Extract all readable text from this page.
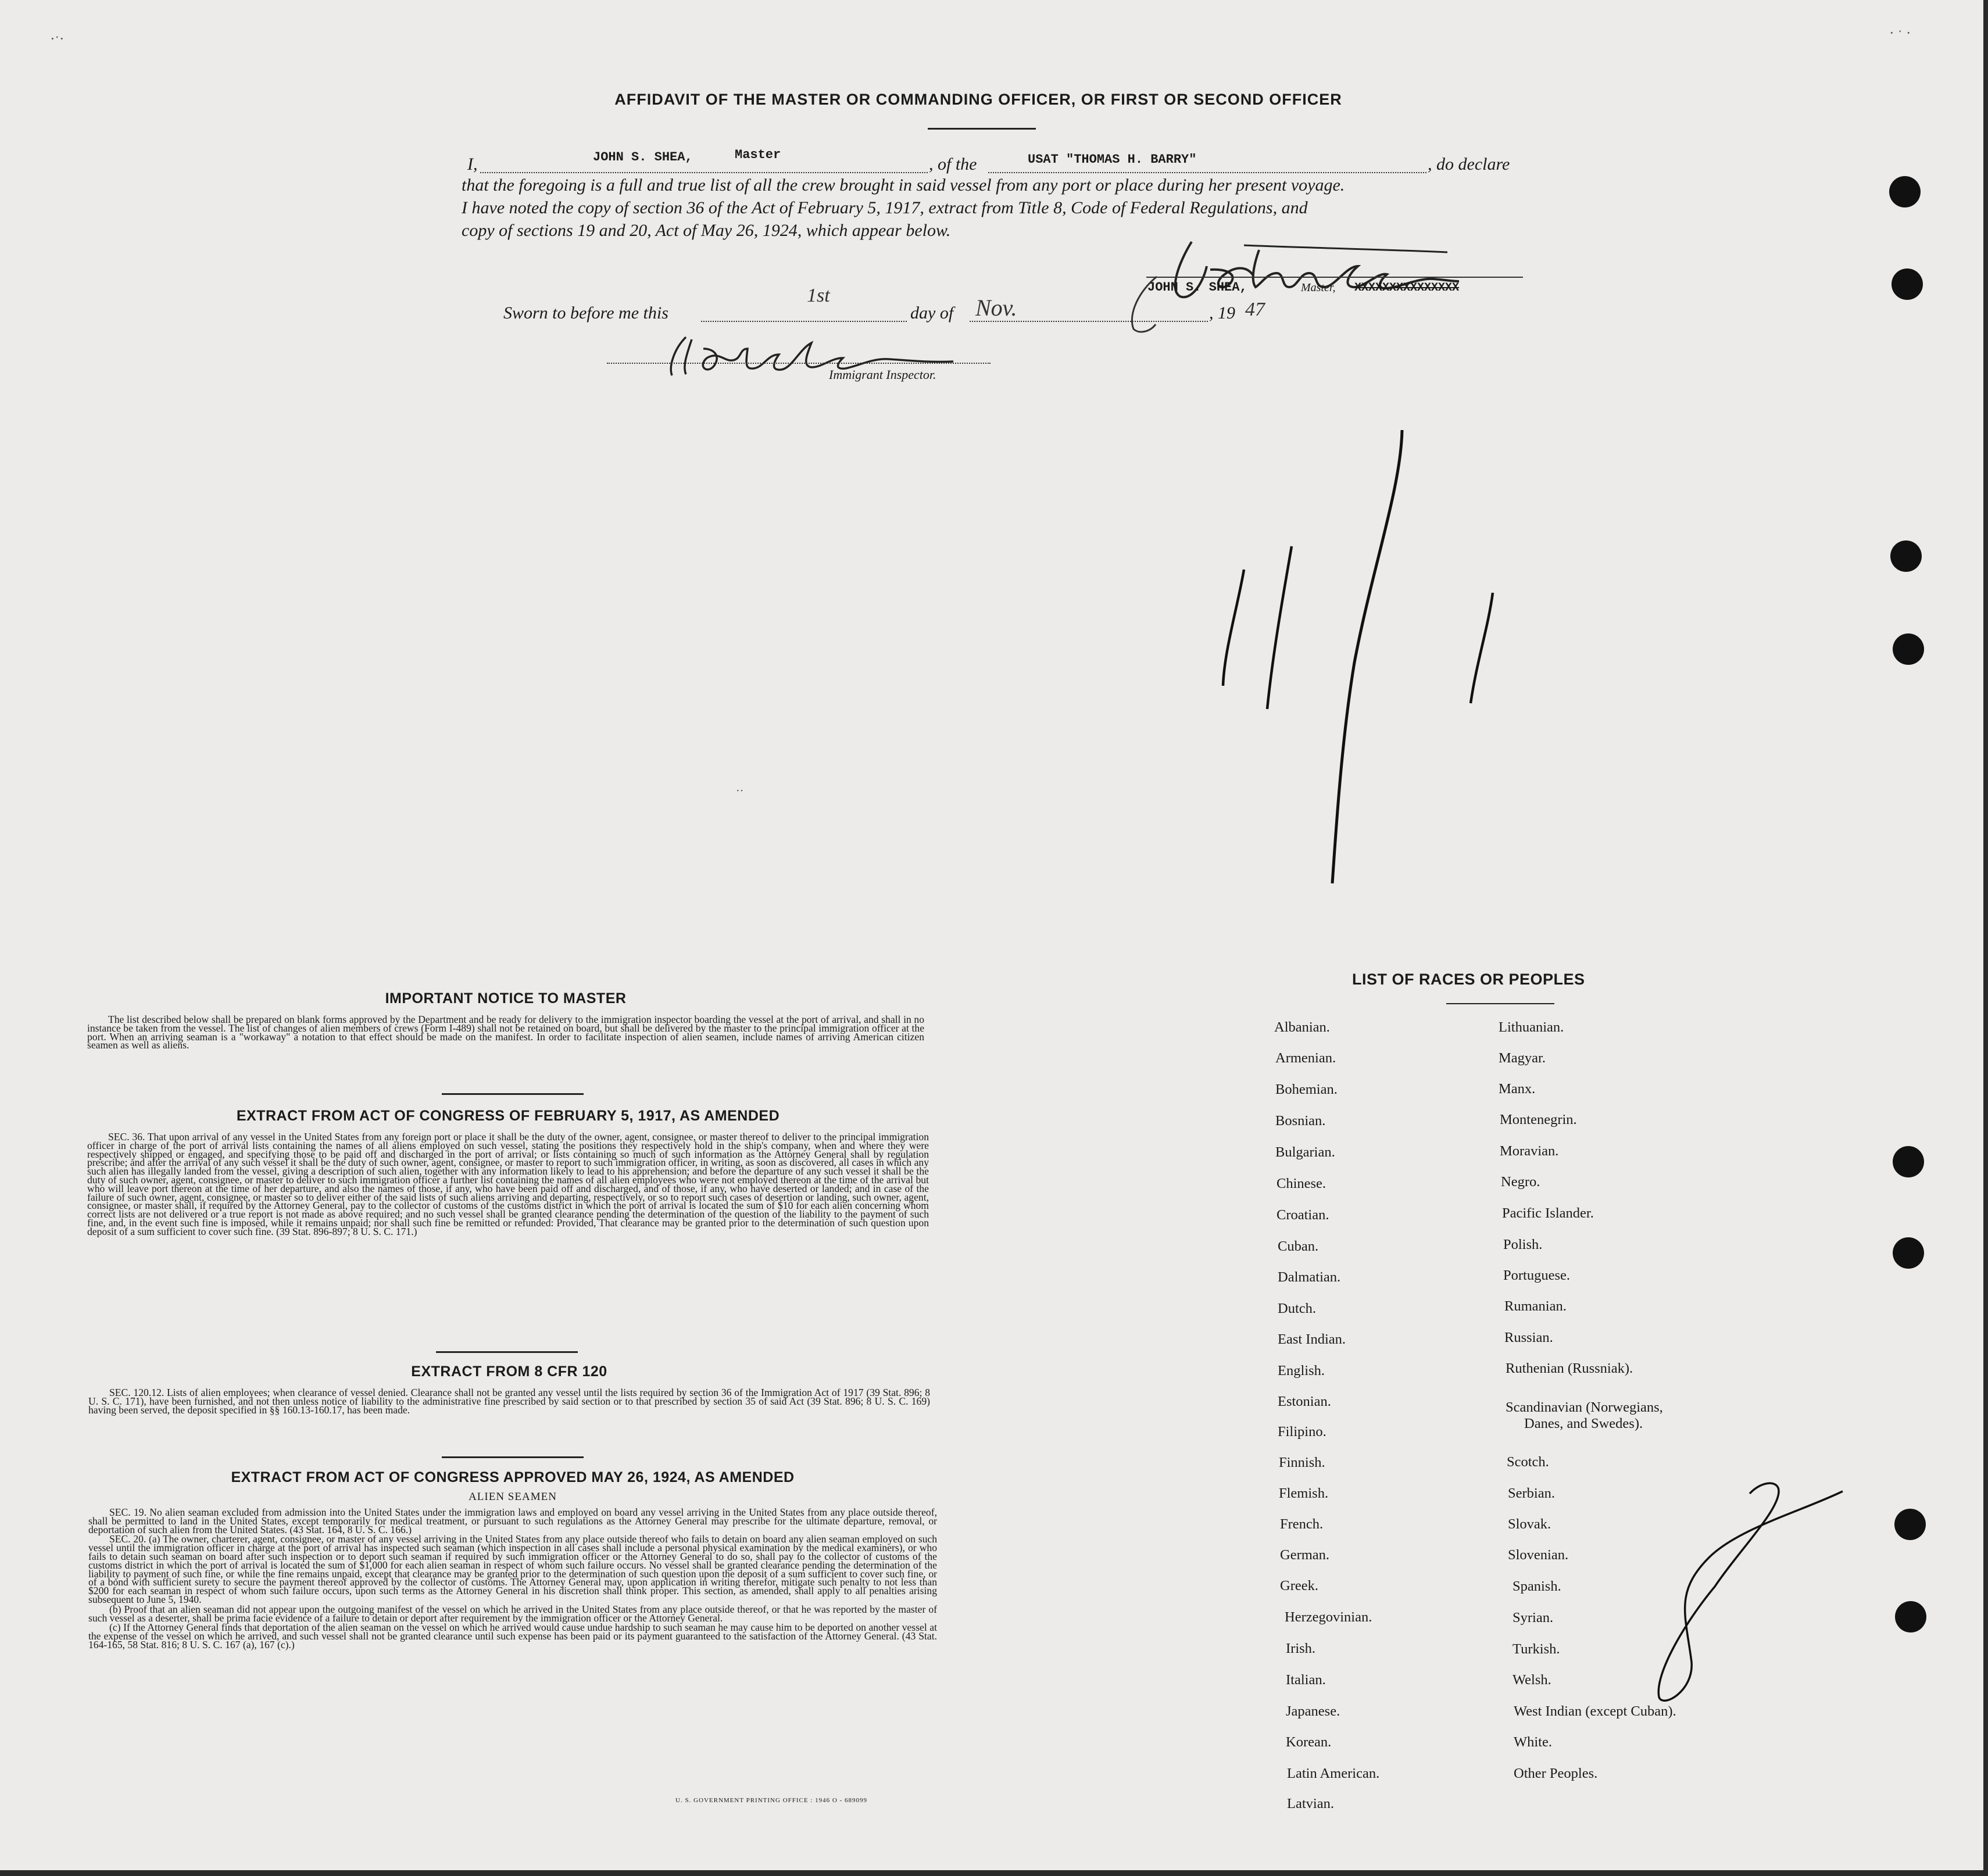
·ˑ·	· ˑ ·
AFFIDAVIT OF THE MASTER OR COMMANDING OFFICER, OR FIRST OR SECOND OFFICER
I,	JOHN S. SHEA,	Master	, of the	USAT "THOMAS H. BARRY"	, do declare
that the foregoing is a full and true list of all the crew brought in said vessel from any port or place during her present voyage.
I have noted the copy of section 36 of the Act of February 5, 1917, extract from Title 8, Code of Federal Regulations, and
copy of sections 19 and 20, Act of May 26, 1924, which appear below.
JOHN S. SHEA,	Master, XXXXXXXXXXXXXXX
Sworn to before me this
1st
day of Nov.	, 19 47
Immigrant Inspector.
··
IMPORTANT NOTICE TO MASTER

The list described below shall be prepared on blank forms approved by the Department and be ready for delivery to the immigration inspector boarding the vessel at the port of arrival, and shall in no instance be taken from the vessel. The list of changes of alien members of crews (Form I-489) shall not be retained on board, but shall be delivered by the master to the principal immigration officer at the port. When an arriving seaman is a "workaway" a notation to that effect should be made on the manifest. In order to facilitate inspection of alien seamen, include names of arriving American citizen seamen as well as aliens.

EXTRACT FROM ACT OF CONGRESS OF FEBRUARY 5, 1917, AS AMENDED

SEC. 36. That upon arrival of any vessel in the United States from any foreign port or place it shall be the duty of the owner, agent, consignee, or master thereof to deliver to the principal immigration officer in charge of the port of arrival lists containing the names of all aliens employed on such vessel, stating the positions they respectively hold in the ship's company, when and where they were respectively shipped or engaged, and specifying those to be paid off and discharged in the port of arrival; or lists containing so much of such information as the Attorney General shall by regulation prescribe; and after the arrival of any such vessel it shall be the duty of such owner, agent, consignee, or master to report to such immigration officer, in writing, as soon as discovered, all cases in which any such alien has illegally landed from the vessel, giving a description of such alien, together with any information likely to lead to his apprehension; and before the departure of any such vessel it shall be the duty of such owner, agent, consignee, or master to deliver to such immigration officer a further list containing the names of all alien employees who were not employed thereon at the time of the arrival but who will leave port thereon at the time of her departure, and also the names of those, if any, who have been paid off and discharged, and of those, if any, who have deserted or landed; and in case of the failure of such owner, agent, consignee, or master so to deliver either of the said lists of such aliens arriving and departing, respectively, or so to report such cases of desertion or landing, such owner, agent, consignee, or master shall, if required by the Attorney General, pay to the collector of customs of the customs district in which the port of arrival is located the sum of $10 for each alien concerning whom correct lists are not delivered or a true report is not made as above required; and no such vessel shall be granted clearance pending the determination of the question of the liability to the payment of such fine, and, in the event such fine is imposed, while it remains unpaid; nor shall such fine be remitted or refunded: Provided, That clearance may be granted prior to the determination of such question upon deposit of a sum sufficient to cover such fine. (39 Stat. 896-897; 8 U. S. C. 171.)

EXTRACT FROM 8 CFR 120

SEC. 120.12. Lists of alien employees; when clearance of vessel denied. Clearance shall not be granted any vessel until the lists required by section 36 of the Immigration Act of 1917 (39 Stat. 896; 8 U. S. C. 171), have been furnished, and not then unless notice of liability to the administrative fine prescribed by said section or to that prescribed by section 35 of said Act (39 Stat. 896; 8 U. S. C. 169) having been served, the deposit specified in §§ 160.13-160.17, has been made.

EXTRACT FROM ACT OF CONGRESS APPROVED MAY 26, 1924, AS AMENDED
ALIEN SEAMEN

SEC. 19. No alien seaman excluded from admission into the United States under the immigration laws and employed on board any vessel arriving in the United States from any place outside thereof, shall be permitted to land in the United States, except temporarily for medical treatment, or pursuant to such regulations as the Attorney General may prescribe for the ultimate departure, removal, or deportation of such alien from the United States. (43 Stat. 164, 8 U. S. C. 166.)

SEC. 20. (a) The owner, charterer, agent, consignee, or master of any vessel arriving in the United States from any place outside thereof who fails to detain on board any alien seaman employed on such vessel until the immigration officer in charge at the port of arrival has inspected such seaman (which inspection in all cases shall include a personal physical examination by the medical examiners), or who fails to detain such seaman on board after such inspection or to deport such seaman if required by such immigration officer or the Attorney General to do so, shall pay to the collector of customs of the customs district in which the port of arrival is located the sum of $1,000 for each alien seaman in respect of whom such failure occurs. No vessel shall be granted clearance pending the determination of the liability to payment of such fine, or while the fine remains unpaid, except that clearance may be granted prior to the determination of such question upon the deposit of a sum sufficient to cover such fine, or of a bond with sufficient surety to secure the payment thereof approved by the collector of customs. The Attorney General may, upon application in writing therefor, mitigate such penalty to not less than $200 for each seaman in respect of whom such failure occurs, upon such terms as the Attorney General in his discretion shall think proper. This section, as amended, shall apply to all penalties arising subsequent to June 5, 1940.

(b) Proof that an alien seaman did not appear upon the outgoing manifest of the vessel on which he arrived in the United States from any place outside thereof, or that he was reported by the master of such vessel as a deserter, shall be prima facie evidence of a failure to detain or deport after requirement by the immigration officer or the Attorney General.

(c) If the Attorney General finds that deportation of the alien seaman on the vessel on which he arrived would cause undue hardship to such seaman he may cause him to be deported on another vessel at the expense of the vessel on which he arrived, and such vessel shall not be granted clearance until such expense has been paid or its payment guaranteed to the satisfaction of the Attorney General. (43 Stat. 164-165, 58 Stat. 816; 8 U. S. C. 167 (a), 167 (c).)

U. S. GOVERNMENT PRINTING OFFICE : 1946 O - 689099
LIST OF RACES OR PEOPLES
Albanian.
Armenian.
Bohemian.
Bosnian.
Bulgarian.
Chinese.
Croatian.
Cuban.
Dalmatian.
Dutch.
East Indian.
English.
Estonian.
Filipino.
Finnish.
Flemish.
French.
German.
Greek.
Herzegovinian.
Irish.
Italian.
Japanese.
Korean.
Latin American.
Latvian.
Lithuanian.
Magyar.
Manx.
Montenegrin.
Moravian.
Negro.
Pacific Islander.
Polish.
Portuguese.
Rumanian.
Russian.
Ruthenian (Russniak).
Scandinavian (Norwegians,
Danes, and Swedes).
Scotch.
Serbian.
Slovak.
Slovenian.
Spanish.
Syrian.
Turkish.
Welsh.
West Indian (except Cuban).
White.
Other Peoples.
